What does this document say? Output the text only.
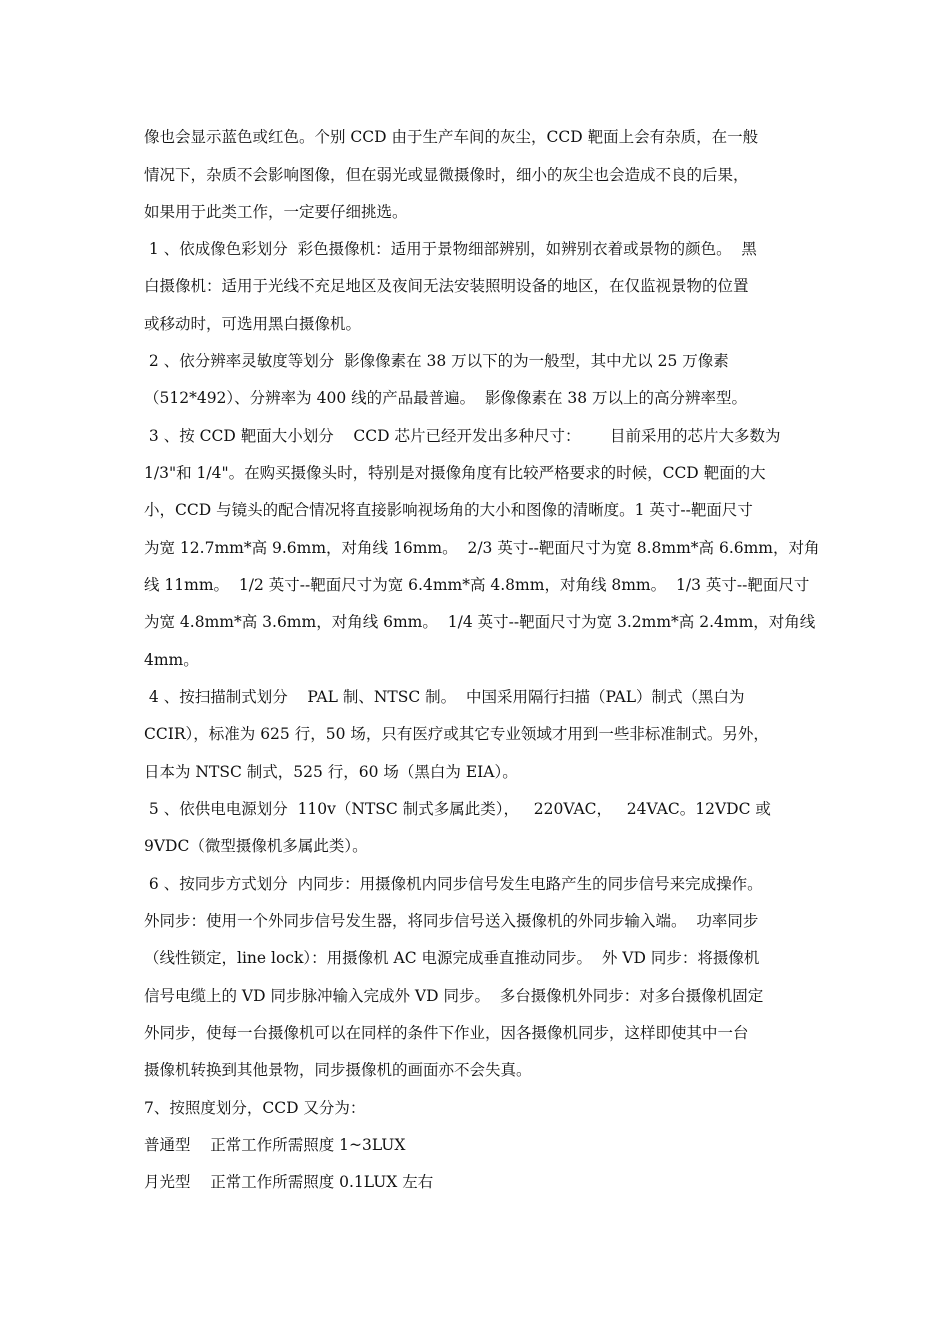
像也会显示蓝色或红色。个别 CCD 由于生产车间的灰尘，CCD 靶面上会有杂质，在一般
情况下，杂质不会影响图像，但在弱光或显微摄像时，细小的灰尘也会造成不良的后果，
如果用于此类工作，一定要仔细挑选。
1 、依成像色彩划分  彩色摄像机：适用于景物细部辨别，如辨别衣着或景物的颜色。  黑
白摄像机：适用于光线不充足地区及夜间无法安装照明设备的地区，在仅监视景物的位置
或移动时，可选用黑白摄像机。
2 、依分辨率灵敏度等划分  影像像素在 38 万以下的为一般型，其中尤以 25 万像素
（512*492）、分辨率为 400 线的产品最普遍。  影像像素在 38 万以上的高分辨率型。
3 、按 CCD 靶面大小划分    CCD 芯片已经开发出多种尺寸：      目前采用的芯片大多数为
1/3"和 1/4"。在购买摄像头时，特别是对摄像角度有比较严格要求的时候，CCD 靶面的大
小，CCD 与镜头的配合情况将直接影响视场角的大小和图像的清晰度。1 英寸--靶面尺寸
为宽 12.7mm*高 9.6mm，对角线 16mm。  2/3 英寸--靶面尺寸为宽 8.8mm*高 6.6mm，对角
线 11mm。  1/2 英寸--靶面尺寸为宽 6.4mm*高 4.8mm，对角线 8mm。  1/3 英寸--靶面尺寸
为宽 4.8mm*高 3.6mm，对角线 6mm。  1/4 英寸--靶面尺寸为宽 3.2mm*高 2.4mm，对角线
4mm。
4 、按扫描制式划分    PAL 制、NTSC 制。  中国采用隔行扫描（PAL）制式（黑白为
CCIR），标准为 625 行，50 场，只有医疗或其它专业领域才用到一些非标准制式。另外，
日本为 NTSC 制式，525 行，60 场（黑白为 EIA）。
5 、依供电电源划分  110v（NTSC 制式多属此类），   220VAC，   24VAC。12VDC 或
9VDC（微型摄像机多属此类）。
6 、按同步方式划分  内同步：用摄像机内同步信号发生电路产生的同步信号来完成操作。
外同步：使用一个外同步信号发生器，将同步信号送入摄像机的外同步输入端。  功率同步
（线性锁定，line lock）：用摄像机 AC 电源完成垂直推动同步。  外 VD 同步：将摄像机
信号电缆上的 VD 同步脉冲输入完成外 VD 同步。  多台摄像机外同步：对多台摄像机固定
外同步，使每一台摄像机可以在同样的条件下作业，因各摄像机同步，这样即使其中一台
摄像机转换到其他景物，同步摄像机的画面亦不会失真。
7、按照度划分，CCD 又分为：
普通型    正常工作所需照度 1~3LUX
月光型    正常工作所需照度 0.1LUX 左右
